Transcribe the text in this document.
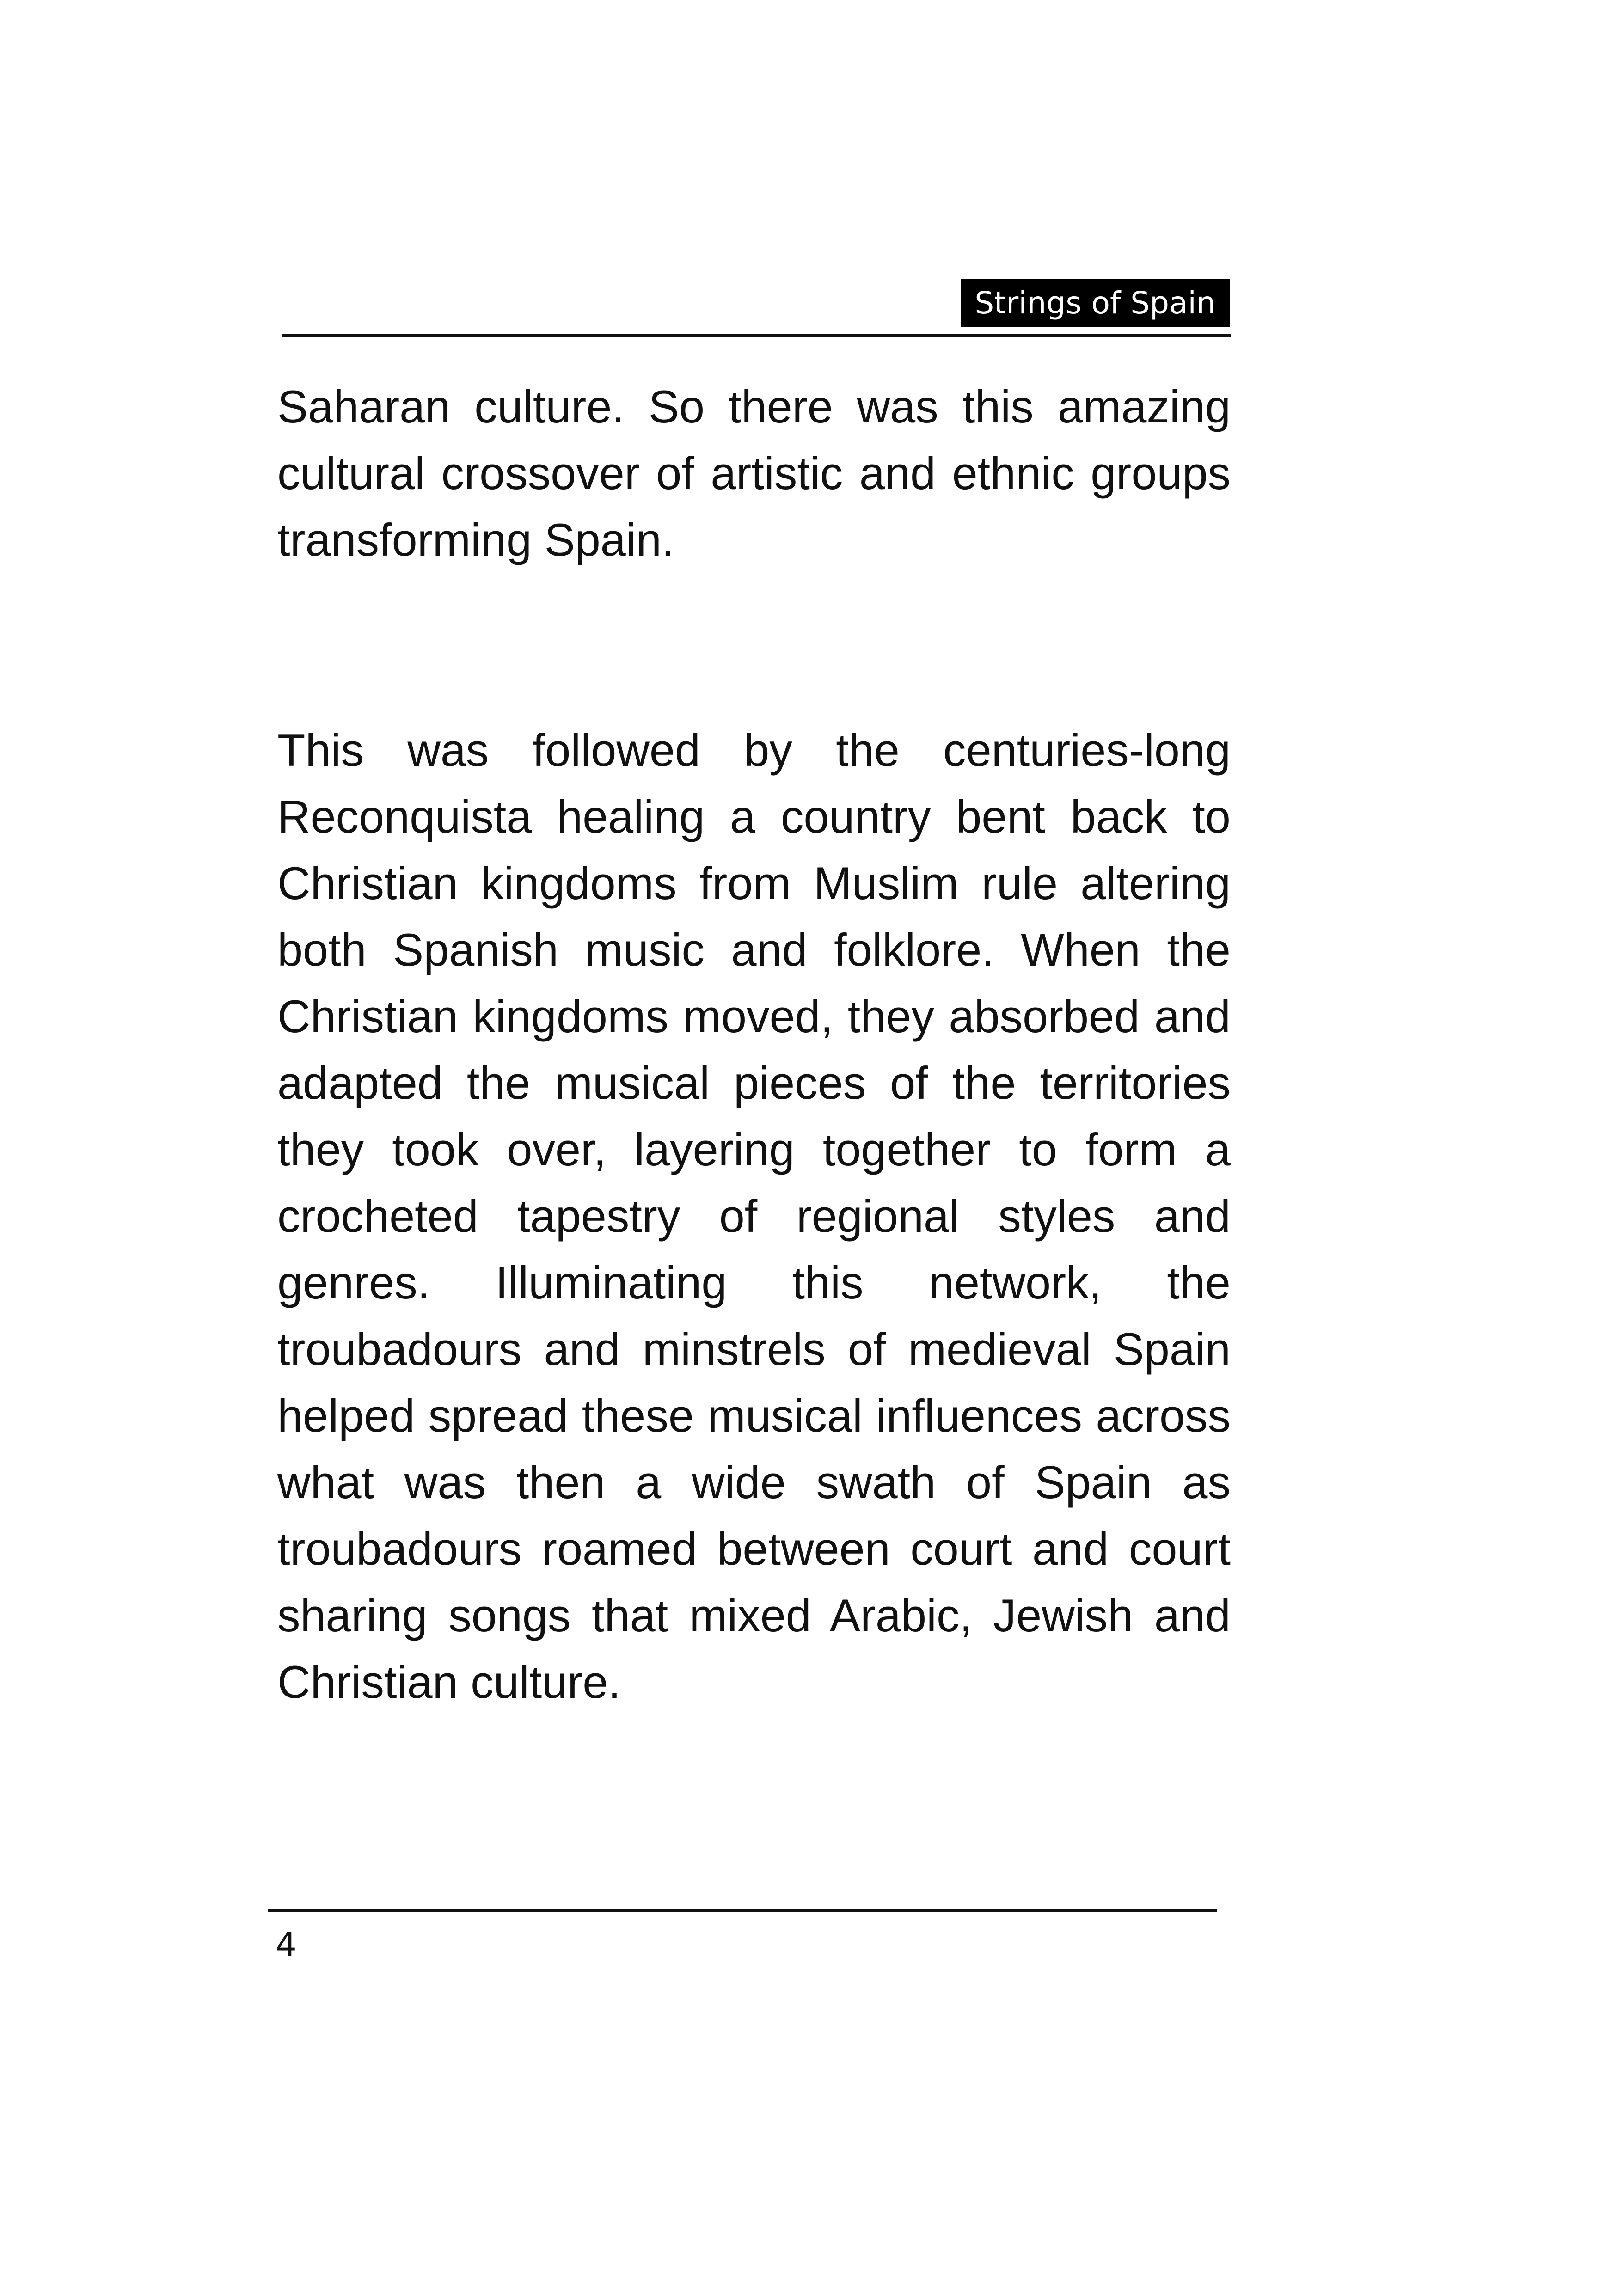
Strings of Spain

Saharan culture. So there was this amazing cultural crossover of artistic and ethnic groups transforming Spain.

This was followed by the centuries-long Reconquista healing a country bent back to Christian kingdoms from Muslim rule altering both Spanish music and folklore. When the Christian kingdoms moved, they absorbed and adapted the musical pieces of the territories they took over, layering together to form a crocheted tapestry of regional styles and genres. Illuminating this network, the troubadours and minstrels of medieval Spain helped spread these musical influences across what was then a wide swath of Spain as troubadours roamed between court and court sharing songs that mixed Arabic, Jewish and Christian culture.

4
